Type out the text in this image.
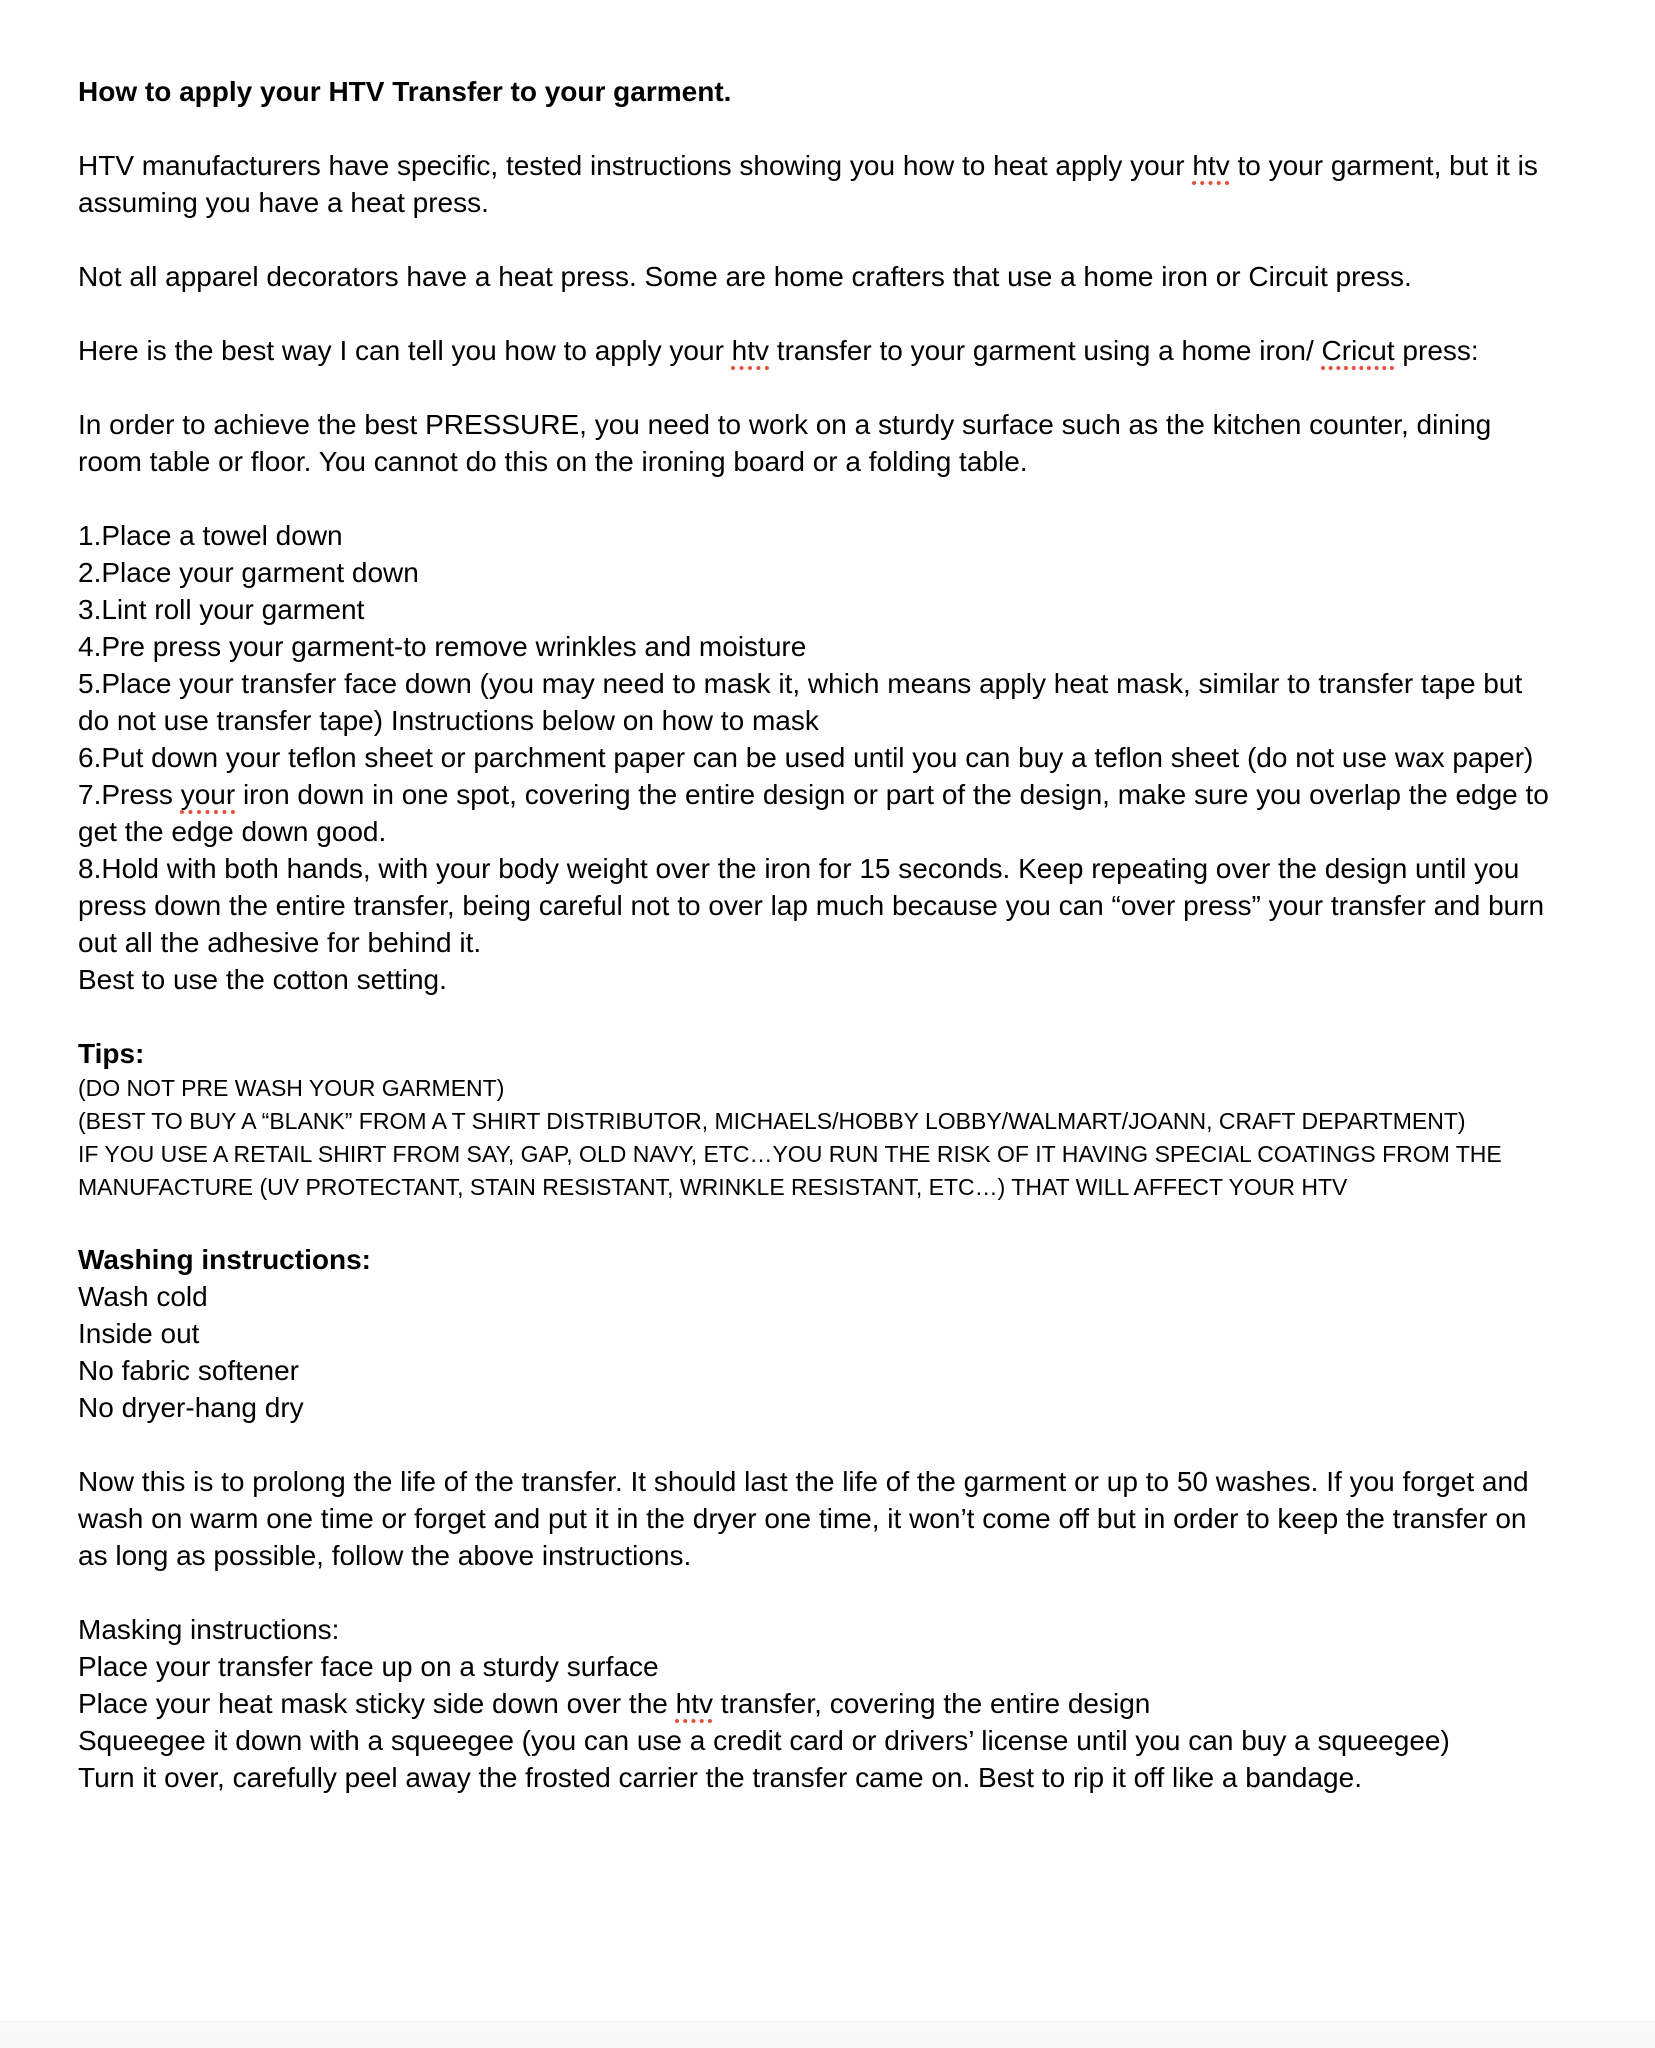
How to apply your HTV Transfer to your garment.

HTV manufacturers have specific, tested instructions showing you how to heat apply your htv to your garment, but it is assuming you have a heat press.

Not all apparel decorators have a heat press. Some are home crafters that use a home iron or Circuit press.

Here is the best way I can tell you how to apply your htv transfer to your garment using a home iron/ Cricut press:

In order to achieve the best PRESSURE, you need to work on a sturdy surface such as the kitchen counter, dining room table or floor. You cannot do this on the ironing board or a folding table.

1.Place a towel down

2.Place your garment down

3.Lint roll your garment

4.Pre press your garment-to remove wrinkles and moisture

5.Place your transfer face down (you may need to mask it, which means apply heat mask, similar to transfer tape but do not use transfer tape) Instructions below on how to mask

6.Put down your teflon sheet or parchment paper can be used until you can buy a teflon sheet (do not use wax paper)

7.Press your iron down in one spot, covering the entire design or part of the design, make sure you overlap the edge to get the edge down good.

8.Hold with both hands, with your body weight over the iron for 15 seconds. Keep repeating over the design until you press down the entire transfer, being careful not to over lap much because you can “over press” your transfer and burn out all the adhesive for behind it.

Best to use the cotton setting.

Tips:

(DO NOT PRE WASH YOUR GARMENT)

(BEST TO BUY A “BLANK” FROM A T SHIRT DISTRIBUTOR, MICHAELS/HOBBY LOBBY/WALMART/JOANN, CRAFT DEPARTMENT)

IF YOU USE A RETAIL SHIRT FROM SAY, GAP, OLD NAVY, ETC…YOU RUN THE RISK OF IT HAVING SPECIAL COATINGS FROM THE MANUFACTURE (UV PROTECTANT, STAIN RESISTANT, WRINKLE RESISTANT, ETC…) THAT WILL AFFECT YOUR HTV

Washing instructions:

Wash cold

Inside out

No fabric softener

No dryer-hang dry

Now this is to prolong the life of the transfer. It should last the life of the garment or up to 50 washes. If you forget and wash on warm one time or forget and put it in the dryer one time, it won’t come off but in order to keep the transfer on as long as possible, follow the above instructions.

Masking instructions:

Place your transfer face up on a sturdy surface

Place your heat mask sticky side down over the htv transfer, covering the entire design

Squeegee it down with a squeegee (you can use a credit card or drivers’ license until you can buy a squeegee)

Turn it over, carefully peel away the frosted carrier the transfer came on. Best to rip it off like a bandage.
